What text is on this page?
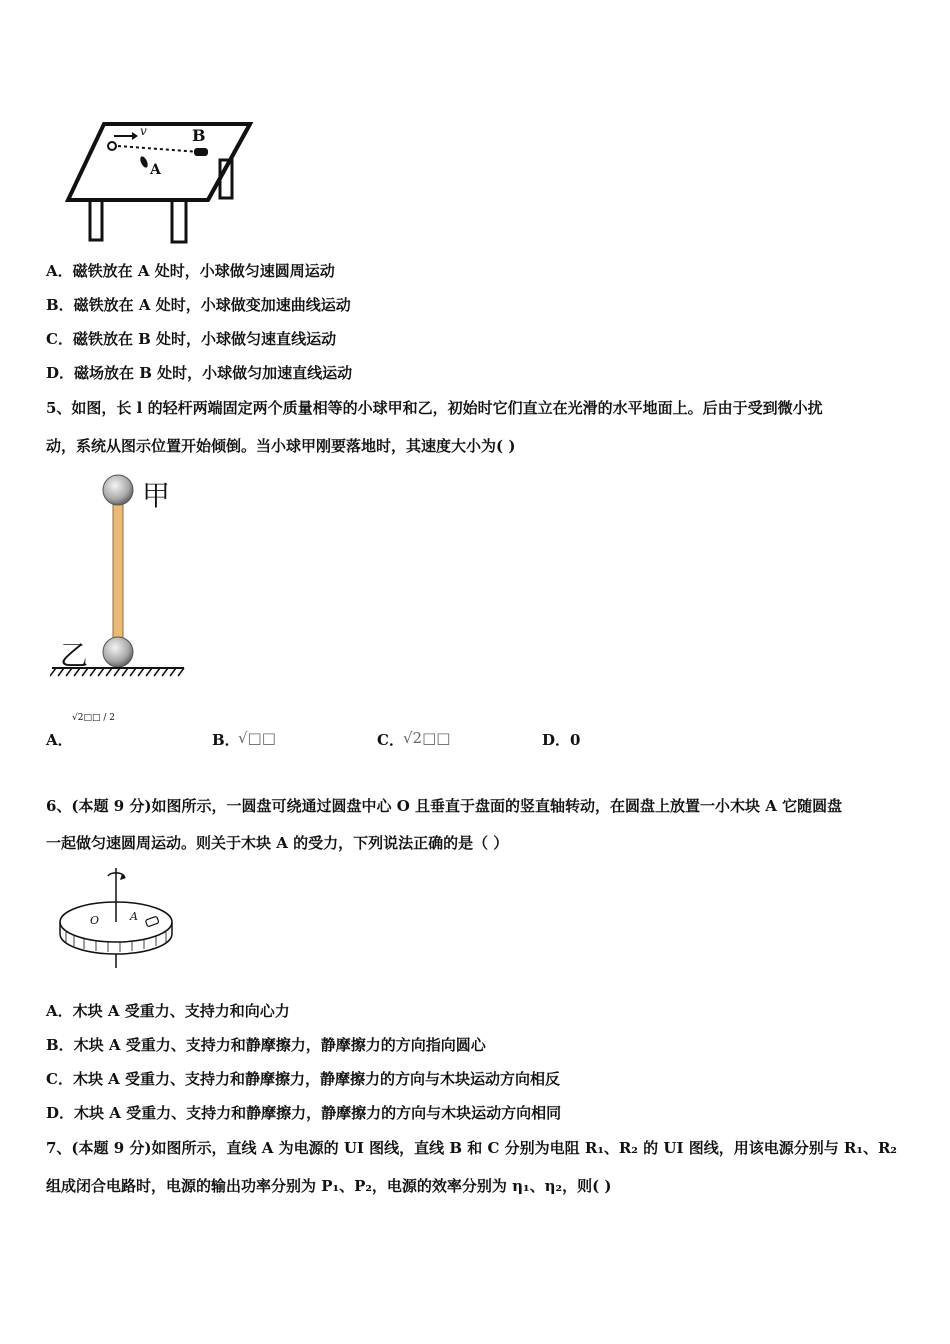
v	B
A
A．磁铁放在 A 处时，小球做匀速圆周运动
B．磁铁放在 A 处时，小球做变加速曲线运动
C．磁铁放在 B 处时，小球做匀速直线运动
D．磁场放在 B 处时，小球做匀加速直线运动
5、如图，长 l 的轻杆两端固定两个质量相等的小球甲和乙，初始时它们直立在光滑的水平地面上。后由于受到微小扰
动，系统从图示位置开始倾倒。当小球甲刚要落地时，其速度大小为( )
甲
乙
A．
√2□□ / 2
B．
√□□	C． √2□□	D．0
6、(本题 9 分)如图所示，一圆盘可绕通过圆盘中心 O 且垂直于盘面的竖直轴转动，在圆盘上放置一小木块 A 它随圆盘
一起做匀速圆周运动。则关于木块 A 的受力，下列说法正确的是（ ）
O	A
A．木块 A 受重力、支持力和向心力
B．木块 A 受重力、支持力和静摩擦力，静摩擦力的方向指向圆心
C．木块 A 受重力、支持力和静摩擦力，静摩擦力的方向与木块运动方向相反
D．木块 A 受重力、支持力和静摩擦力，静摩擦力的方向与木块运动方向相同
7、(本题 9 分)如图所示，直线 A 为电源的 UI 图线，直线 B 和 C 分别为电阻 R₁、R₂ 的 UI 图线，用该电源分别与 R₁、R₂
组成闭合电路时，电源的输出功率分别为 P₁、P₂，电源的效率分别为 η₁、η₂，则( )
